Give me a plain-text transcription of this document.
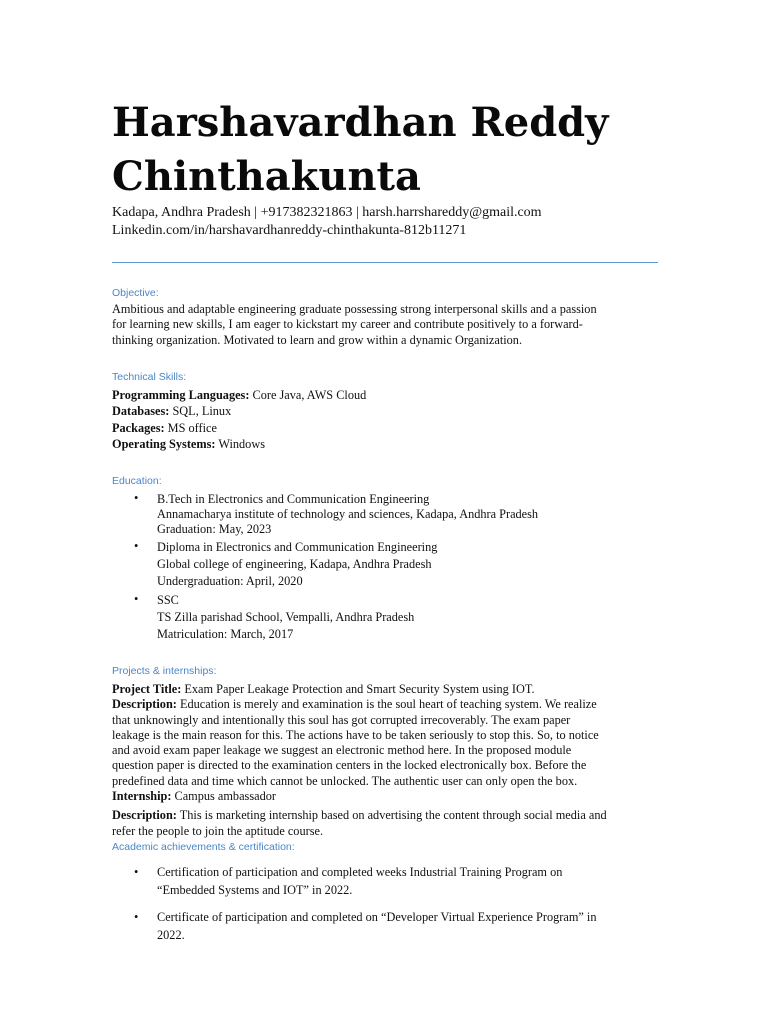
Harshavardhan Reddy
Chinthakunta
Kadapa, Andhra Pradesh | +917382321863 | harsh.harrshareddy@gmail.com
Linkedin.com/in/harshavardhanreddy-chinthakunta-812b11271
Objective:
Ambitious and adaptable engineering graduate possessing strong interpersonal skills and a passion
for learning new skills, I am eager to kickstart my career and contribute positively to a forward-
thinking organization. Motivated to learn and grow within a dynamic Organization.
Technical Skills:
Programming Languages: Core Java, AWS Cloud
Databases: SQL, Linux
Packages: MS office
Operating Systems: Windows
Education:
• B.Tech in Electronics and Communication Engineering
Annamacharya institute of technology and sciences, Kadapa, Andhra Pradesh
Graduation: May, 2023
• Diploma in Electronics and Communication Engineering
Global college of engineering, Kadapa, Andhra Pradesh
Undergraduation: April, 2020
• SSC
TS Zilla parishad School, Vempalli, Andhra Pradesh
Matriculation: March, 2017
Projects & internships:
Project Title: Exam Paper Leakage Protection and Smart Security System using IOT.
Description: Education is merely and examination is the soul heart of teaching system. We realize
that unknowingly and intentionally this soul has got corrupted irrecoverably. The exam paper
leakage is the main reason for this. The actions have to be taken seriously to stop this. So, to notice
and avoid exam paper leakage we suggest an electronic method here. In the proposed module
question paper is directed to the examination centers in the locked electronically box. Before the
predefined data and time which cannot be unlocked. The authentic user can only open the box.
Internship: Campus ambassador
Description: This is marketing internship based on advertising the content through social media and
refer the people to join the aptitude course.
Academic achievements & certification:
• Certification of participation and completed weeks Industrial Training Program on
“Embedded Systems and IOT” in 2022.
• Certificate of participation and completed on “Developer Virtual Experience Program” in
2022.
